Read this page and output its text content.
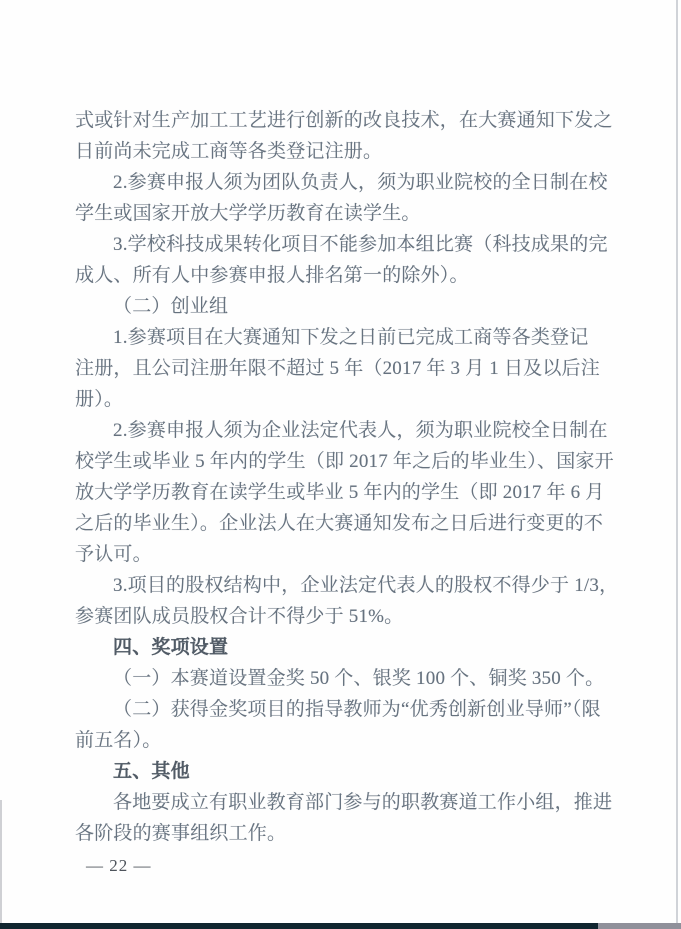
式或针对生产加工工艺进行创新的改良技术，在大赛通知下发之
日前尚未完成工商等各类登记注册。
2.参赛申报人须为团队负责人，须为职业院校的全日制在校
学生或国家开放大学学历教育在读学生。
3.学校科技成果转化项目不能参加本组比赛（科技成果的完
成人、所有人中参赛申报人排名第一的除外）。
（二）创业组
1.参赛项目在大赛通知下发之日前已完成工商等各类登记
注册，且公司注册年限不超过 5 年（2017 年 3 月 1 日及以后注
册）。
2.参赛申报人须为企业法定代表人，须为职业院校全日制在
校学生或毕业 5 年内的学生（即 2017 年之后的毕业生）、国家开
放大学学历教育在读学生或毕业 5 年内的学生（即 2017 年 6 月
之后的毕业生）。企业法人在大赛通知发布之日后进行变更的不
予认可。
3.项目的股权结构中，企业法定代表人的股权不得少于 1/3，
参赛团队成员股权合计不得少于 51%。
四、奖项设置
（一）本赛道设置金奖 50 个、银奖 100 个、铜奖 350 个。
（二）获得金奖项目的指导教师为“优秀创新创业导师”（限
前五名）。
五、其他
各地要成立有职业教育部门参与的职教赛道工作小组，推进
各阶段的赛事组织工作。
— 22 —
